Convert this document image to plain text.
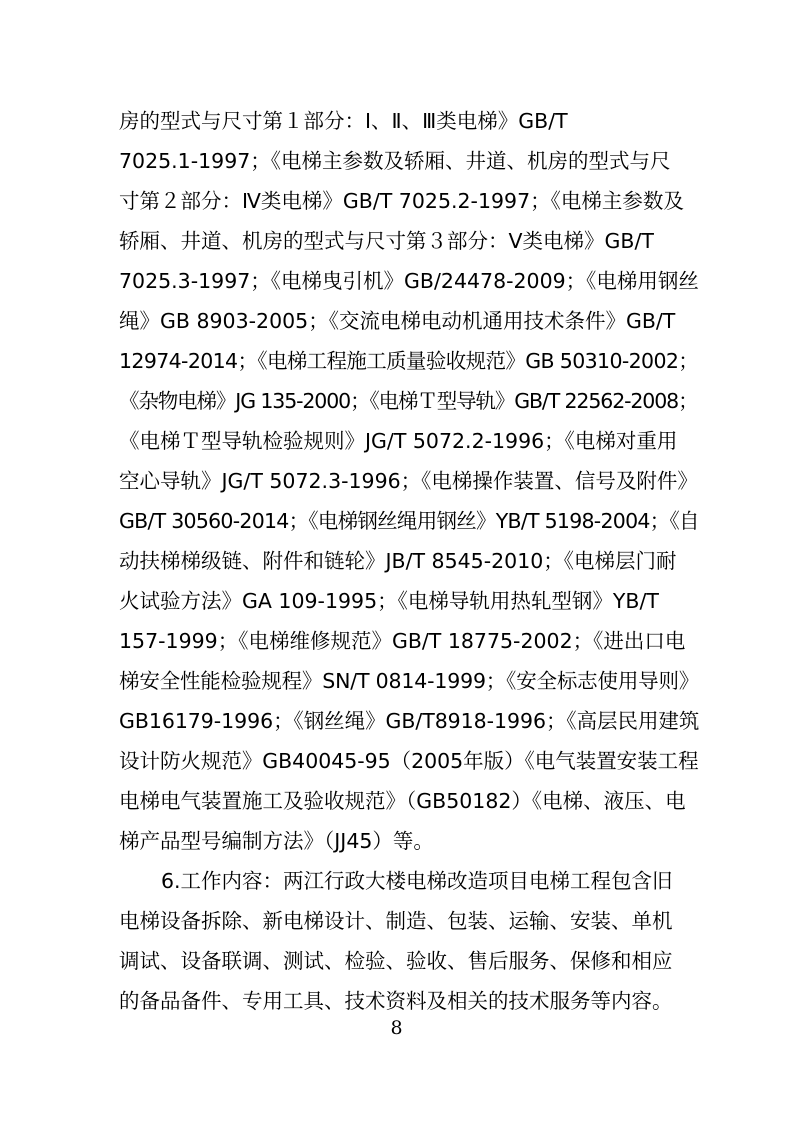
房的型式与尺寸第１部分：Ⅰ、Ⅱ、Ⅲ类电梯》GB/T
7025.1-1997；《电梯主参数及轿厢、井道、机房的型式与尺
寸第２部分：Ⅳ类电梯》GB/T 7025.2-1997；《电梯主参数及
轿厢、井道、机房的型式与尺寸第３部分：Ⅴ类电梯》GB/T
7025.3-1997；《电梯曳引机》GB/24478-2009；《电梯用钢丝
绳》GB 8903-2005；《交流电梯电动机通用技术条件》GB/T
12974-2014；《电梯工程施工质量验收规范》GB 50310-2002；
《杂物电梯》JG 135-2000；《电梯Ｔ型导轨》GB/T 22562-2008；
《电梯Ｔ型导轨检验规则》JG/T 5072.2-1996；《电梯对重用
空心导轨》JG/T 5072.3-1996；《电梯操作装置、信号及附件》
GB/T 30560-2014；《电梯钢丝绳用钢丝》YB/T 5198-2004；《自
动扶梯梯级链、附件和链轮》JB/T 8545-2010；《电梯层门耐
火试验方法》GA 109-1995；《电梯导轨用热轧型钢》YB/T
157-1999；《电梯维修规范》GB/T 18775-2002；《进出口电
梯安全性能检验规程》SN/T 0814-1999；《安全标志使用导则》
GB16179-1996；《钢丝绳》GB/T8918-1996；《高层民用建筑
设计防火规范》GB40045-95（2005年版）《电气装置安装工程
电梯电气装置施工及验收规范》（GB50182）《电梯、液压、电
梯产品型号编制方法》（JJ45）等。
6.工作内容：两江行政大楼电梯改造项目电梯工程包含旧
电梯设备拆除、新电梯设计、制造、包装、运输、安装、单机
调试、设备联调、测试、检验、验收、售后服务、保修和相应
的备品备件、专用工具、技术资料及相关的技术服务等内容。
8
